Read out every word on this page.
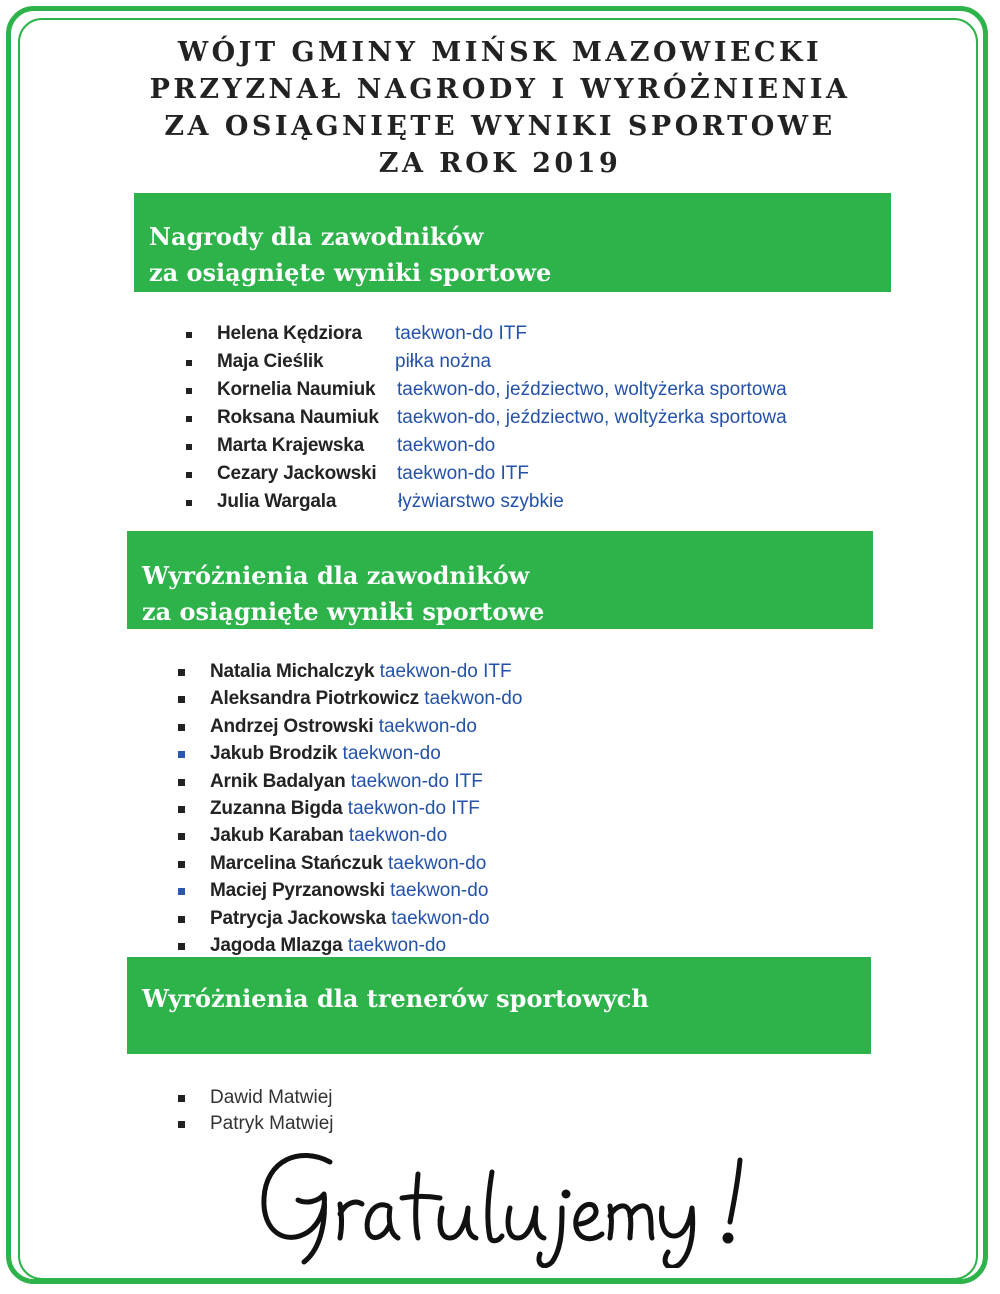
WÓJT GMINY MIŃSK MAZOWIECKI
PRZYZNAŁ NAGRODY I WYRÓŻNIENIA
ZA OSIĄGNIĘTE WYNIKI SPORTOWE
ZA ROK 2019
Nagrody dla zawodników
za osiągnięte wyniki sportowe
Helena Kędziora taekwon-do ITF
Maja Cieślik	piłka nożna
Kornelia Naumiuk taekwon-do, jeździectwo, woltyżerka sportowa
Roksana Naumiuk taekwon-do, jeździectwo, woltyżerka sportowa
Marta Krajewska taekwon-do
Cezary Jackowski taekwon-do ITF
Julia Wargala	łyżwiarstwo szybkie
Wyróżnienia dla zawodników
za osiągnięte wyniki sportowe
Natalia Michalczyk taekwon-do ITF
Aleksandra Piotrkowicz taekwon-do
Andrzej Ostrowski taekwon-do
Jakub Brodzik taekwon-do
Arnik Badalyan taekwon-do ITF
Zuzanna Bigda taekwon-do ITF
Jakub Karaban taekwon-do
Marcelina Stańczuk taekwon-do
Maciej Pyrzanowski taekwon-do
Patrycja Jackowska taekwon-do
Jagoda Mlazga taekwon-do
Wyróżnienia dla trenerów sportowych
Dawid Matwiej
Patryk Matwiej
